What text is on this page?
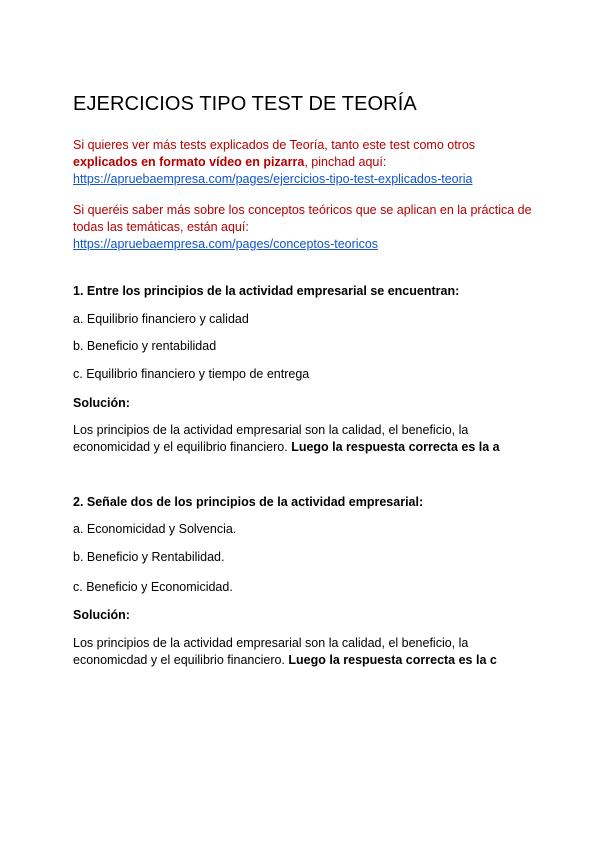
EJERCICIOS TIPO TEST DE TEORÍA
Si quieres ver más tests explicados de Teoría, tanto este test como otros
explicados en formato vídeo en pizarra, pinchad aquí:
https://apruebaempresa.com/pages/ejercicios-tipo-test-explicados-teoria
Si queréis saber más sobre los conceptos teóricos que se aplican en la práctica de todas las temáticas, están aquí:
https://apruebaempresa.com/pages/conceptos-teoricos
1. Entre los principios de la actividad empresarial se encuentran:
a. Equilibrio financiero y calidad
b. Beneficio y rentabilidad
c. Equilibrio financiero y tiempo de entrega
Solución:
Los principios de la actividad empresarial son la calidad, el beneficio, la economicidad y el equilibrio financiero. Luego la respuesta correcta es la a
2. Señale dos de los principios de la actividad empresarial:
a. Economicidad y Solvencia.
b. Beneficio y Rentabilidad.
c. Beneficio y Economicidad.
Solución:
Los principios de la actividad empresarial son la calidad, el beneficio, la economicdad y el equilibrio financiero. Luego la respuesta correcta es la c
